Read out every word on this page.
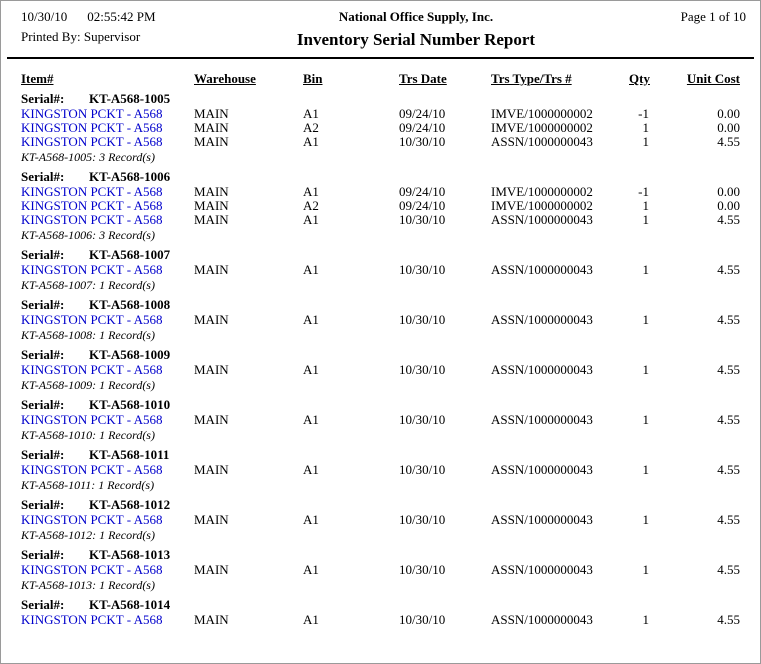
10/30/10 02:55:42 PM
Printed By: Supervisor
National Office Supply, Inc.
Inventory Serial Number Report
Page 1 of 10
Item#	Warehouse	Bin	Trs Date	Trs Type/Trs #	Qty	Unit Cost
Serial#: KT-A568-1005
KINGSTON PCKT - A568	MAIN	A1	09/24/10	IMVE/1000000002	-1	0.00
KINGSTON PCKT - A568	MAIN	A2	09/24/10	IMVE/1000000002	1	0.00
KINGSTON PCKT - A568	MAIN	A1	10/30/10	ASSN/1000000043	1	4.55
KT-A568-1005: 3 Record(s)
Serial#: KT-A568-1006
KINGSTON PCKT - A568	MAIN	A1	09/24/10	IMVE/1000000002	-1	0.00
KINGSTON PCKT - A568	MAIN	A2	09/24/10	IMVE/1000000002	1	0.00
KINGSTON PCKT - A568	MAIN	A1	10/30/10	ASSN/1000000043	1	4.55
KT-A568-1006: 3 Record(s)
Serial#: KT-A568-1007
KINGSTON PCKT - A568	MAIN	A1	10/30/10	ASSN/1000000043	1	4.55
KT-A568-1007: 1 Record(s)
Serial#: KT-A568-1008
KINGSTON PCKT - A568	MAIN	A1	10/30/10	ASSN/1000000043	1	4.55
KT-A568-1008: 1 Record(s)
Serial#: KT-A568-1009
KINGSTON PCKT - A568	MAIN	A1	10/30/10	ASSN/1000000043	1	4.55
KT-A568-1009: 1 Record(s)
Serial#: KT-A568-1010
KINGSTON PCKT - A568	MAIN	A1	10/30/10	ASSN/1000000043	1	4.55
KT-A568-1010: 1 Record(s)
Serial#: KT-A568-1011
KINGSTON PCKT - A568	MAIN	A1	10/30/10	ASSN/1000000043	1	4.55
KT-A568-1011: 1 Record(s)
Serial#: KT-A568-1012
KINGSTON PCKT - A568	MAIN	A1	10/30/10	ASSN/1000000043	1	4.55
KT-A568-1012: 1 Record(s)
Serial#: KT-A568-1013
KINGSTON PCKT - A568	MAIN	A1	10/30/10	ASSN/1000000043	1	4.55
KT-A568-1013: 1 Record(s)
Serial#: KT-A568-1014
KINGSTON PCKT - A568	MAIN	A1	10/30/10	ASSN/1000000043	1	4.55
